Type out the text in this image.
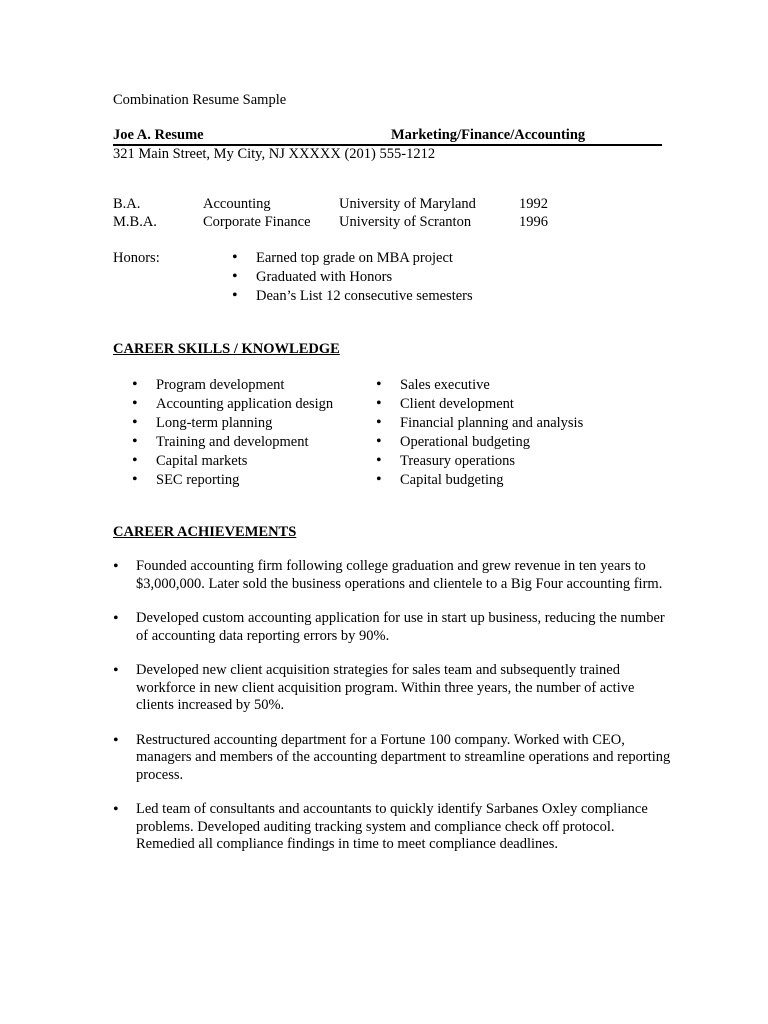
Combination Resume Sample
Joe A. Resume	Marketing/Finance/Accounting
321 Main Street, My City, NJ XXXXX (201) 555-1212
B.A.	Accounting	University of Maryland	1992
M.B.A.	Corporate Finance University of Scranton	1996
Honors:
•	Earned top grade on MBA project
• Graduated with Honors
• Dean’s List 12 consecutive semesters
CAREER SKILLS / KNOWLEDGE
• Program development
• Accounting application design
• Long-term planning
• Training and development
• Capital markets
• SEC reporting
• Sales executive
• Client development
• Financial planning and analysis
• Operational budgeting
• Treasury operations
• Capital budgeting
CAREER ACHIEVEMENTS
• Founded accounting firm following college graduation and grew revenue in ten years to $3,000,000. Later sold the business operations and clientele to a Big Four accounting firm.
• Developed custom accounting application for use in start up business, reducing the number of accounting data reporting errors by 90%.
• Developed new client acquisition strategies for sales team and subsequently trained workforce in new client acquisition program. Within three years, the number of active clients increased by 50%.
• Restructured accounting department for a Fortune 100 company. Worked with CEO, managers and members of the accounting department to streamline operations and reporting process.
• Led team of consultants and accountants to quickly identify Sarbanes Oxley compliance problems. Developed auditing tracking system and compliance check off protocol. Remedied all compliance findings in time to meet compliance deadlines.
